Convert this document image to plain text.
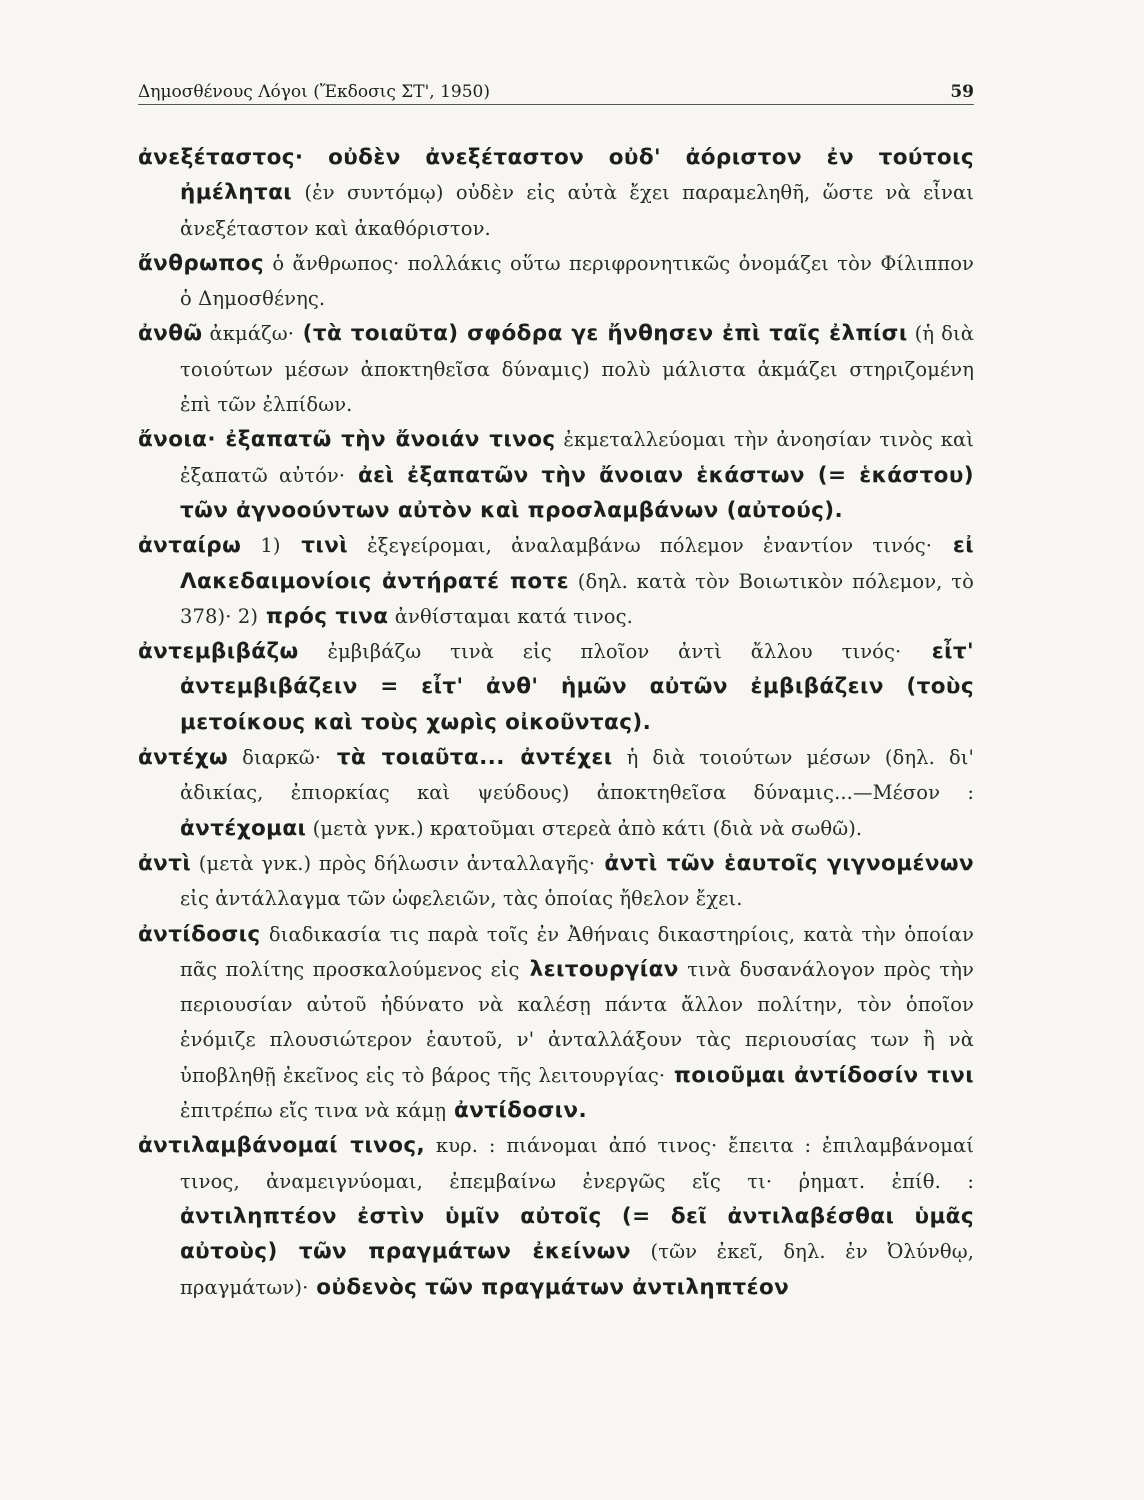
Δημοσθένους Λόγοι (Ἔκδοσις ΣΤ', 1950)	59

ἀνεξέταστος· οὐδὲν ἀνεξέταστον οὐδ' ἀόριστον ἐν τούτοις ἠμέληται (ἐν συντόμῳ) οὐδὲν εἰς αὐτὰ ἔχει παραμεληθῆ, ὥστε νὰ εἶναι ἀνεξέταστον καὶ ἀκαθόριστον.

ἄνθρωπος ὁ ἄνθρωπος· πολλάκις οὕτω περιφρονητικῶς ὀνομάζει τὸν Φίλιππον ὁ Δημοσθένης.

ἀνθῶ ἀκμάζω· (τὰ τοιαῦτα) σφόδρα γε ἤνθησεν ἐπὶ ταῖς ἐλπίσι (ἡ διὰ τοιούτων μέσων ἀποκτηθεῖσα δύναμις) πολὺ μάλιστα ἀκμάζει στηριζομένη ἐπὶ τῶν ἐλπίδων.

ἄνοια· ἐξαπατῶ τὴν ἄνοιάν τινος ἐκμεταλλεύομαι τὴν ἀνοησίαν τινὸς καὶ ἐξαπατῶ αὐτόν· ἀεὶ ἐξαπατῶν τὴν ἄνοιαν ἑκάστων (= ἑκάστου) τῶν ἀγνοούντων αὐτὸν καὶ προσλαμβάνων (αὐτούς).

ἀνταίρω 1) τινὶ ἐξεγείρομαι, ἀναλαμβάνω πόλεμον ἐναντίον τινός· εἰ Λακεδαιμονίοις ἀντήρατέ ποτε (δηλ. κατὰ τὸν Βοιωτικὸν πόλεμον, τὸ 378)· 2) πρός τινα ἀνθίσταμαι κατά τινος.

ἀντεμβιβάζω ἐμβιβάζω τινὰ εἰς πλοῖον ἀντὶ ἄλλου τινός· εἶτ' ἀντεμβιβάζειν = εἶτ' ἀνθ' ἡμῶν αὐτῶν ἐμβιβάζειν (τοὺς μετοίκους καὶ τοὺς χωρὶς οἰκοῦντας).

ἀντέχω διαρκῶ· τὰ τοιαῦτα... ἀντέχει ἡ διὰ τοιούτων μέσων (δηλ. δι' ἀδικίας, ἐπιορκίας καὶ ψεύδους) ἀποκτηθεῖσα δύναμις...—Μέσον : ἀντέχομαι (μετὰ γνκ.) κρατοῦμαι στερεὰ ἀπὸ κάτι (διὰ νὰ σωθῶ).

ἀντὶ (μετὰ γνκ.) πρὸς δήλωσιν ἀνταλλαγῆς· ἀντὶ τῶν ἑαυτοῖς γιγνομένων εἰς ἀντάλλαγμα τῶν ὠφελειῶν, τὰς ὁποίας ἤθελον ἔχει.

ἀντίδοσις διαδικασία τις παρὰ τοῖς ἐν Ἀθήναις δικαστηρίοις, κατὰ τὴν ὁποίαν πᾶς πολίτης προσκαλούμενος εἰς λειτουργίαν τινὰ δυσανάλογον πρὸς τὴν περιουσίαν αὐτοῦ ἠδύνατο νὰ καλέσῃ πάντα ἄλλον πολίτην, τὸν ὁποῖον ἐνόμιζε πλουσιώτερον ἑαυτοῦ, ν' ἀνταλλάξουν τὰς περιουσίας των ἢ νὰ ὑποβληθῇ ἐκεῖνος εἰς τὸ βάρος τῆς λειτουργίας· ποιοῦμαι ἀντίδοσίν τινι ἐπιτρέπω εἴς τινα νὰ κάμῃ ἀντίδοσιν.

ἀντιλαμβάνομαί τινος, κυρ. : πιάνομαι ἀπό τινος· ἔπειτα : ἐπιλαμβάνομαί τινος, ἀναμειγνύομαι, ἐπεμβαίνω ἐνεργῶς εἴς τι· ῥηματ. ἐπίθ. : ἀντιληπτέον ἐστὶν ὑμῖν αὐτοῖς (= δεῖ ἀντιλαβέσθαι ὑμᾶς αὐτοὺς) τῶν πραγμάτων ἐκείνων (τῶν ἐκεῖ, δηλ. ἐν Ὀλύνθῳ, πραγμάτων)· οὐδενὸς τῶν πραγμάτων ἀντιληπτέον
